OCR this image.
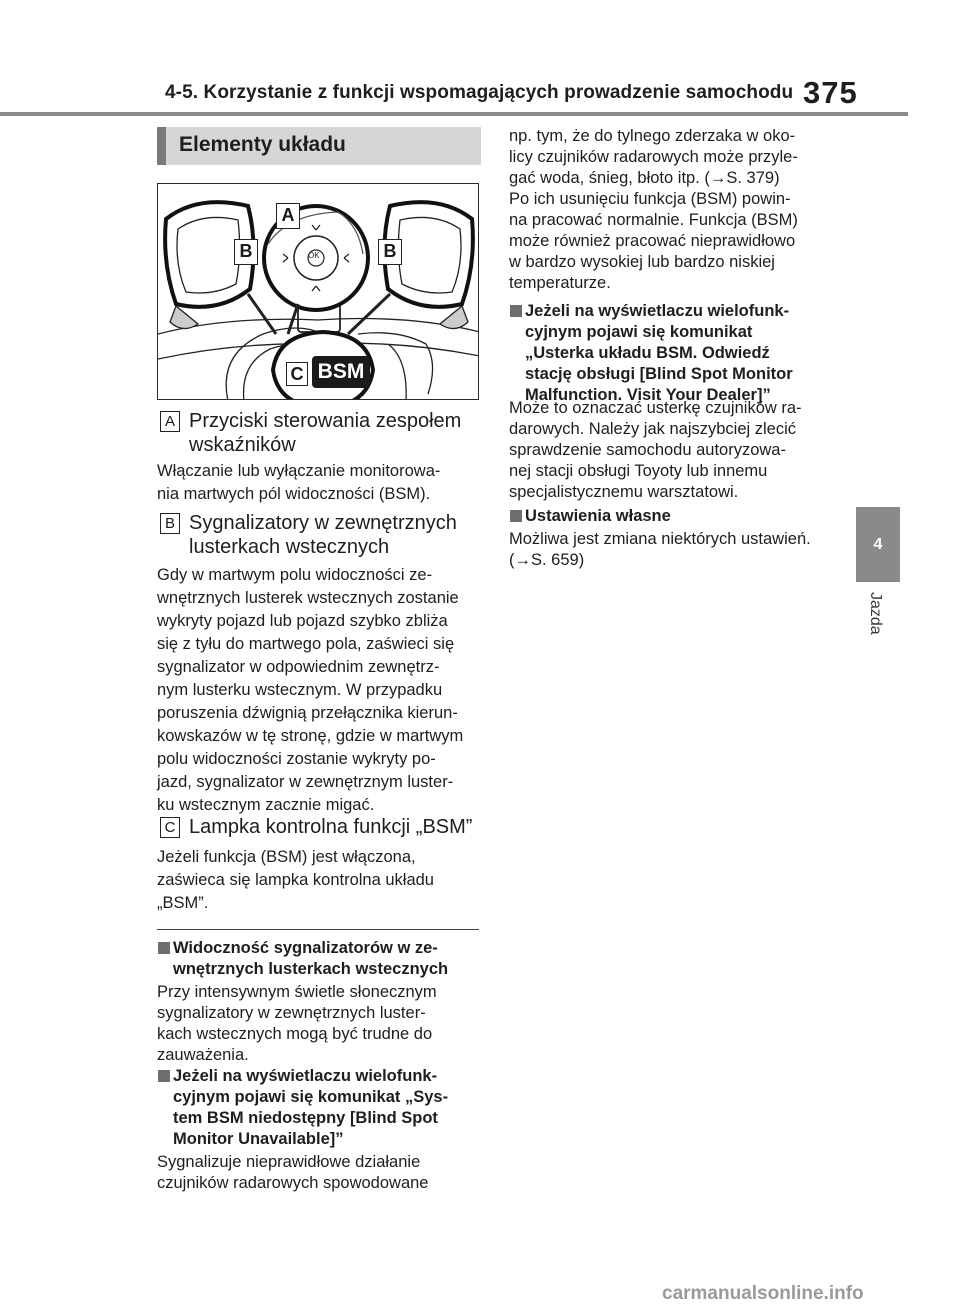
4-5. Korzystanie z funkcji wspomagających prowadzenie samochodu 375
Elementy układu
A
B	B
C
OK
BSM
A Przyciski sterowania zespołem
wskaźników
Włączanie lub wyłączanie monitorowa-
nia martwych pól widoczności (BSM).
B Sygnalizatory w zewnętrznych
lusterkach wstecznych
Gdy w martwym polu widoczności ze-
wnętrznych lusterek wstecznych zostanie
wykryty pojazd lub pojazd szybko zbliża
się z tyłu do martwego pola, zaświeci się
sygnalizator w odpowiednim zewnętrz-
nym lusterku wstecznym. W przypadku
poruszenia dźwignią przełącznika kierun-
kowskazów w tę stronę, gdzie w martwym
polu widoczności zostanie wykryty po-
jazd, sygnalizator w zewnętrznym luster-
ku wstecznym zacznie migać.
C Lampka kontrolna funkcji „BSM”
Jeżeli funkcja (BSM) jest włączona,
zaświeca się lampka kontrolna układu
„BSM”.
Widoczność sygnalizatorów w ze-
wnętrznych lusterkach wstecznych
Przy intensywnym świetle słonecznym
sygnalizatory w zewnętrznych luster-
kach wstecznych mogą być trudne do
zauważenia.
Jeżeli na wyświetlaczu wielofunk-
cyjnym pojawi się komunikat „Sys-
tem BSM niedostępny [Blind Spot
Monitor Unavailable]”
Sygnalizuje nieprawidłowe działanie
czujników radarowych spowodowane
np. tym, że do tylnego zderzaka w oko-
licy czujników radarowych może przyle-
gać woda, śnieg, błoto itp. (→S. 379)
Po ich usunięciu funkcja (BSM) powin-
na pracować normalnie. Funkcja (BSM)
może również pracować nieprawidłowo
w bardzo wysokiej lub bardzo niskiej
temperaturze.
Jeżeli na wyświetlaczu wielofunk-
cyjnym pojawi się komunikat
„Usterka układu BSM. Odwiedź
stację obsługi [Blind Spot Monitor
Malfunction. Visit Your Dealer]”
Może to oznaczać usterkę czujników ra-
darowych. Należy jak najszybciej zlecić
sprawdzenie samochodu autoryzowa-
nej stacji obsługi Toyoty lub innemu
specjalistycznemu warsztatowi.
Ustawienia własne
Możliwa jest zmiana niektórych ustawień.
(→S. 659)
4
Jazda
carmanualsonline.info
